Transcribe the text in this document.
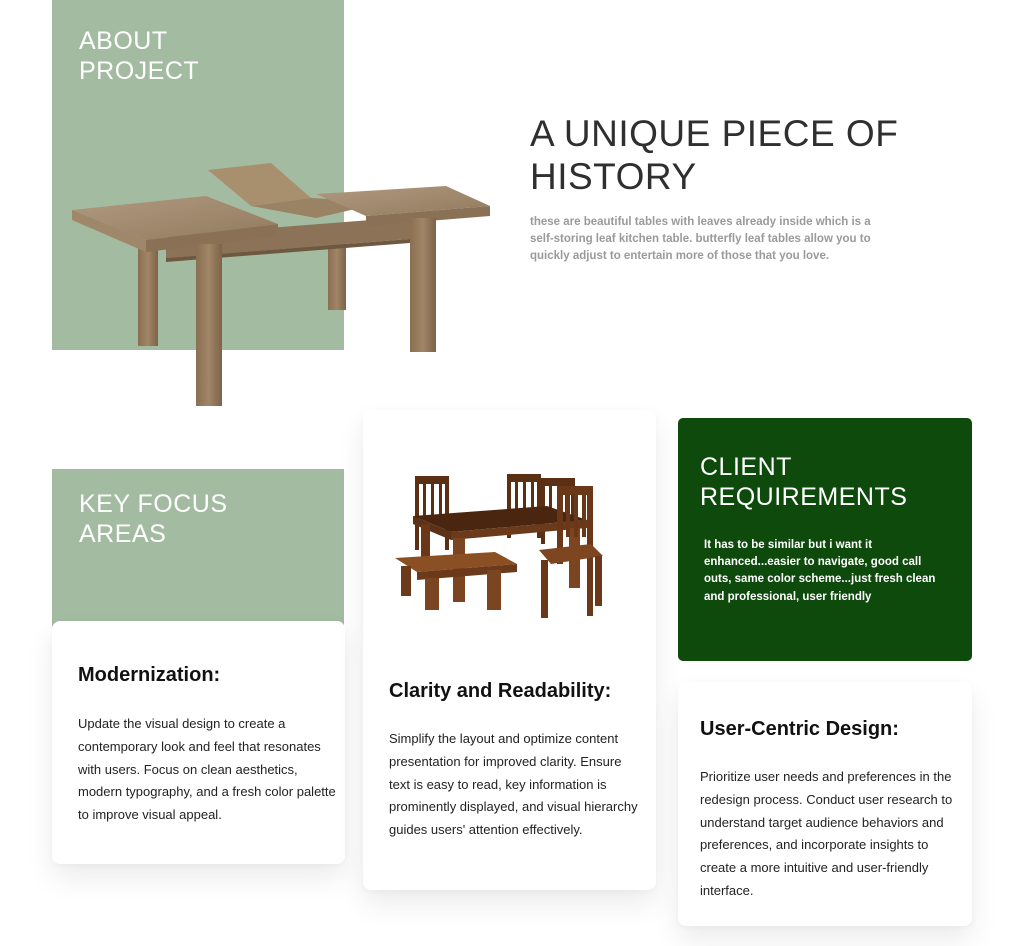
ABOUT
PROJECT
A UNIQUE PIECE OF HISTORY
these are beautiful tables with leaves already inside which is a self-storing leaf kitchen table. butterfly leaf tables allow you to quickly adjust to entertain more of those that you love.
KEY FOCUS
AREAS
Modernization:
Update the visual design to create a contemporary look and feel that resonates with users. Focus on clean aesthetics, modern typography, and a fresh color palette to improve visual appeal.
Clarity and Readability:
Simplify the layout and optimize content presentation for improved clarity. Ensure text is easy to read, key information is prominently displayed, and visual hierarchy guides users' attention effectively.
CLIENT
REQUIREMENTS
It has to be similar but i want it enhanced...easier to navigate, good call outs, same color scheme...just fresh clean and professional, user friendly
User-Centric Design:
Prioritize user needs and preferences in the redesign process. Conduct user research to understand target audience behaviors and preferences, and incorporate insights to create a more intuitive and user-friendly interface.
